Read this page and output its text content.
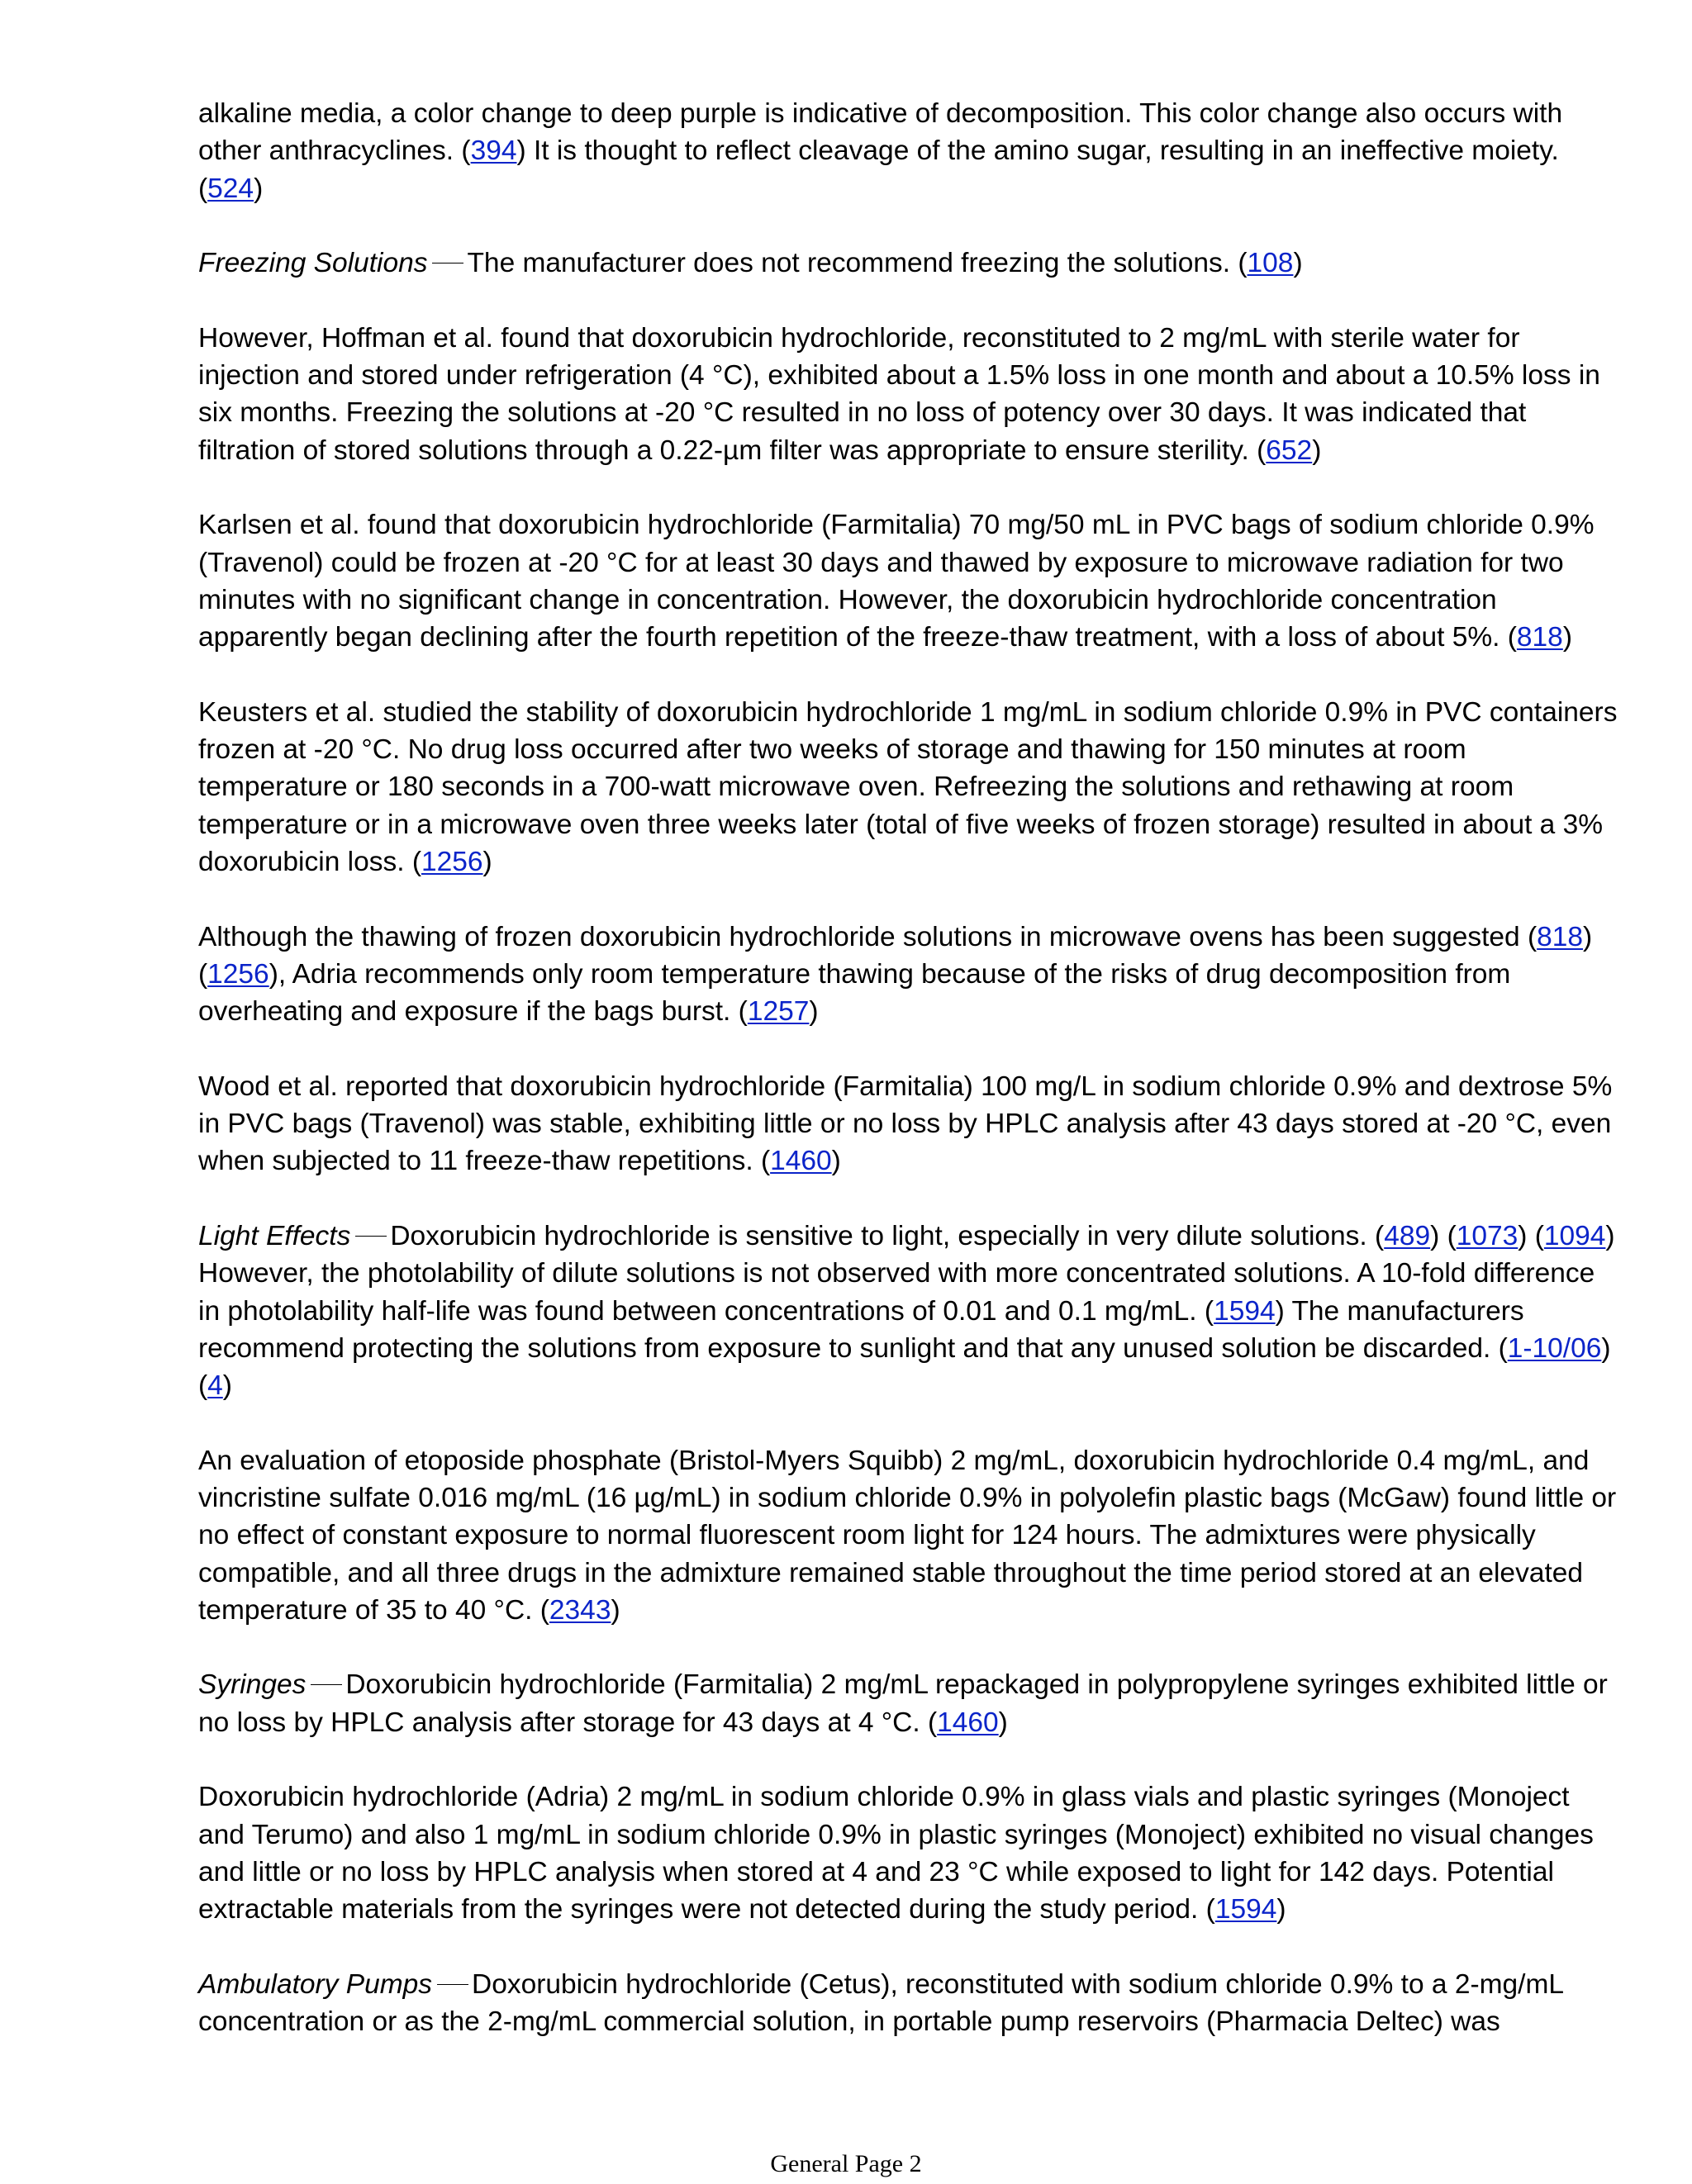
alkaline media, a color change to deep purple is indicative of decomposition. This color change also occurs with other anthracyclines. (394) It is thought to reflect cleavage of the amino sugar, resulting in an ineffective moiety. (524)

Freezing Solutions The manufacturer does not recommend freezing the solutions. (108)

However, Hoffman et al. found that doxorubicin hydrochloride, reconstituted to 2 mg/mL with sterile water for injection and stored under refrigeration (4 °C), exhibited about a 1.5% loss in one month and about a 10.5% loss in six months. Freezing the solutions at -20 °C resulted in no loss of potency over 30 days. It was indicated that filtration of stored solutions through a 0.22-µm filter was appropriate to ensure sterility. (652)

Karlsen et al. found that doxorubicin hydrochloride (Farmitalia) 70 mg/50 mL in PVC bags of sodium chloride 0.9% (Travenol) could be frozen at -20 °C for at least 30 days and thawed by exposure to microwave radiation for two minutes with no significant change in concentration. However, the doxorubicin hydrochloride concentration apparently began declining after the fourth repetition of the freeze-thaw treatment, with a loss of about 5%. (818)

Keusters et al. studied the stability of doxorubicin hydrochloride 1 mg/mL in sodium chloride 0.9% in PVC containers frozen at -20 °C. No drug loss occurred after two weeks of storage and thawing for 150 minutes at room temperature or 180 seconds in a 700-watt microwave oven. Refreezing the solutions and rethawing at room temperature or in a microwave oven three weeks later (total of five weeks of frozen storage) resulted in about a 3% doxorubicin loss. (1256)

Although the thawing of frozen doxorubicin hydrochloride solutions in microwave ovens has been suggested (818) (1256), Adria recommends only room temperature thawing because of the risks of drug decomposition from overheating and exposure if the bags burst. (1257)

Wood et al. reported that doxorubicin hydrochloride (Farmitalia) 100 mg/L in sodium chloride 0.9% and dextrose 5% in PVC bags (Travenol) was stable, exhibiting little or no loss by HPLC analysis after 43 days stored at -20 °C, even when subjected to 11 freeze-thaw repetitions. (1460)

Light Effects Doxorubicin hydrochloride is sensitive to light, especially in very dilute solutions. (489) (1073) (1094) However, the photolability of dilute solutions is not observed with more concentrated solutions. A 10-fold difference in photolability half-life was found between concentrations of 0.01 and 0.1 mg/mL. (1594) The manufacturers recommend protecting the solutions from exposure to sunlight and that any unused solution be discarded. (1-10/06) (4)

An evaluation of etoposide phosphate (Bristol-Myers Squibb) 2 mg/mL, doxorubicin hydrochloride 0.4 mg/mL, and vincristine sulfate 0.016 mg/mL (16 µg/mL) in sodium chloride 0.9% in polyolefin plastic bags (McGaw) found little or no effect of constant exposure to normal fluorescent room light for 124 hours. The admixtures were physically compatible, and all three drugs in the admixture remained stable throughout the time period stored at an elevated temperature of 35 to 40 °C. (2343)

Syringes Doxorubicin hydrochloride (Farmitalia) 2 mg/mL repackaged in polypropylene syringes exhibited little or no loss by HPLC analysis after storage for 43 days at 4 °C. (1460)

Doxorubicin hydrochloride (Adria) 2 mg/mL in sodium chloride 0.9% in glass vials and plastic syringes (Monoject and Terumo) and also 1 mg/mL in sodium chloride 0.9% in plastic syringes (Monoject) exhibited no visual changes and little or no loss by HPLC analysis when stored at 4 and 23 °C while exposed to light for 142 days. Potential extractable materials from the syringes were not detected during the study period. (1594)

Ambulatory Pumps Doxorubicin hydrochloride (Cetus), reconstituted with sodium chloride 0.9% to a 2-mg/mL concentration or as the 2-mg/mL commercial solution, in portable pump reservoirs (Pharmacia Deltec) was

General Page 2
